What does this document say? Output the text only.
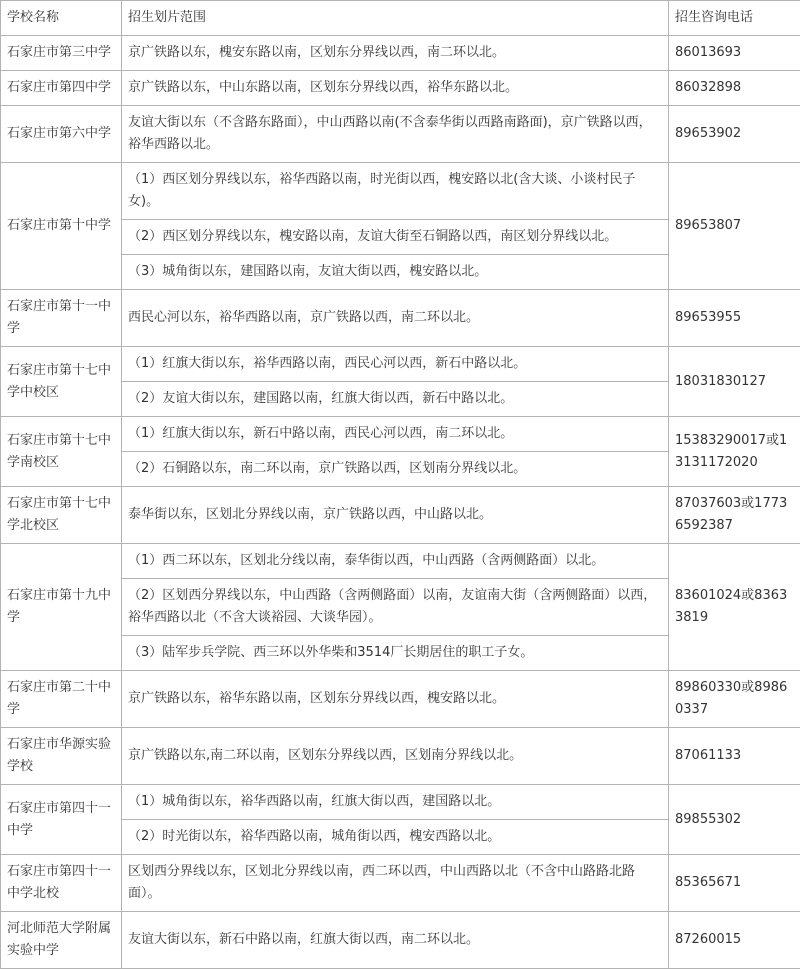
学校名称	招生划片范围	招生咨询电话
石家庄市第三中学	京广铁路以东，槐安东路以南，区划东分界线以西，南二环以北。	86013693
石家庄市第四中学	京广铁路以东，中山东路以南，区划东分界线以西，裕华东路以北。	86032898
石家庄市第六中学	友谊大街以东（不含路东路面），中山西路以南(不含泰华街以西路南路面)，京广铁路以西，裕华西路以北。	89653902
石家庄市第十中学	（1）西区划分界线以东，裕华西路以南，时光街以西，槐安路以北(含大谈、小谈村民子女)。	89653807
	（2）西区划分界线以东，槐安路以南，友谊大街至石铜路以西，南区划分界线以北。	
	（3）城角街以东，建国路以南，友谊大街以西，槐安路以北。	
石家庄市第十一中学	西民心河以东，裕华西路以南，京广铁路以西，南二环以北。	89653955
石家庄市第十七中学中校区	（1）红旗大街以东，裕华西路以南，西民心河以西，新石中路以北。	18031830127
	（2）友谊大街以东，建国路以南，红旗大街以西，新石中路以北。	
石家庄市第十七中学南校区	（1）红旗大街以东，新石中路以南，西民心河以西，南二环以北。	15383290017或13131172020
	（2）石铜路以东，南二环以南，京广铁路以西，区划南分界线以北。	
石家庄市第十七中学北校区	泰华街以东，区划北分界线以南，京广铁路以西，中山路以北。	87037603或17736592387
石家庄市第十九中学	（1）西二环以东，区划北分线以南，泰华街以西，中山西路（含两侧路面）以北。	83601024或83633819
	（2）区划西分界线以东，中山西路（含两侧路面）以南，友谊南大街（含两侧路面）以西，裕华西路以北（不含大谈裕园、大谈华园）。	
	（3）陆军步兵学院、西三环以外华柴和3514厂长期居住的职工子女。	
石家庄市第二十中学	京广铁路以东，裕华东路以南，区划东分界线以西，槐安路以北。	89860330或89860337
石家庄市华源实验学校	京广铁路以东,南二环以南，区划东分界线以西，区划南分界线以北。	87061133
石家庄市第四十一中学	（1）城角街以东，裕华西路以南，红旗大街以西，建国路以北。	89855302
	（2）时光街以东，裕华西路以南，城角街以西，槐安西路以北。	
石家庄市第四十一中学北校	区划西分界线以东，区划北分界线以南，西二环以西，中山西路以北（不含中山路路北路面）。	85365671
河北师范大学附属实验中学	友谊大街以东，新石中路以南，红旗大街以西，南二环以北。	87260015
